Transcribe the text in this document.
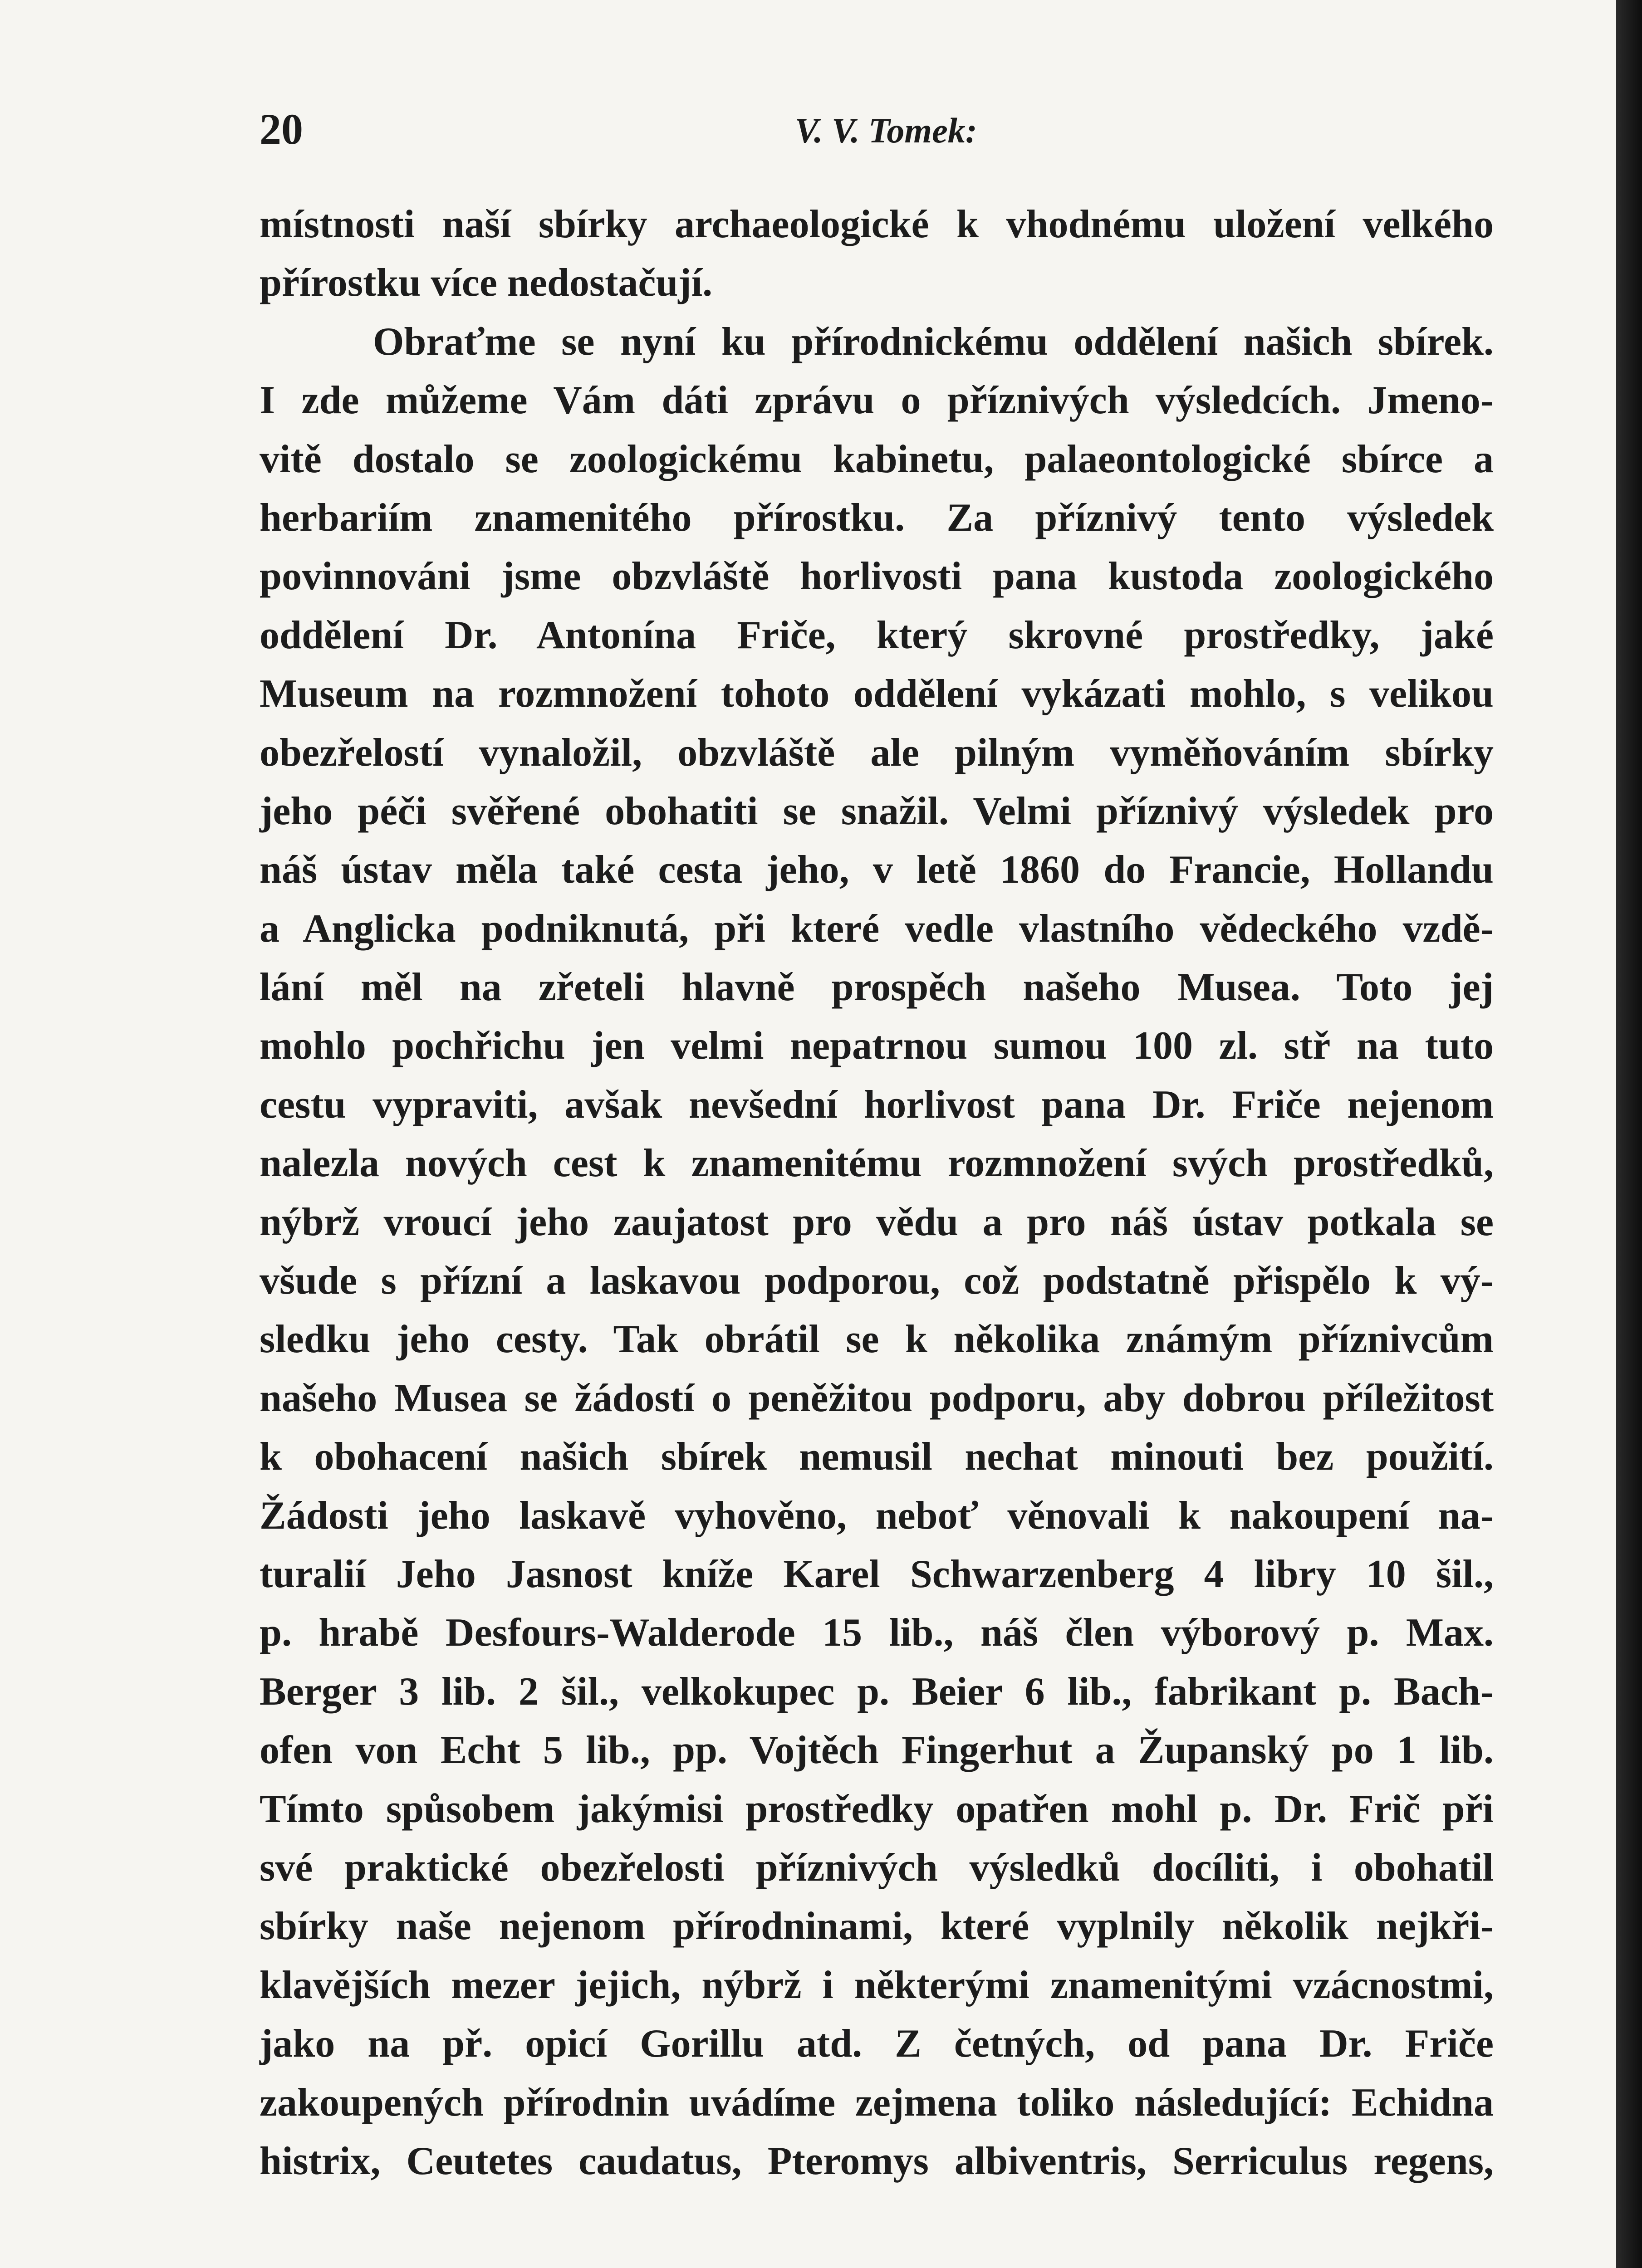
20	V. V. Tomek:
místnosti naší sbírky archaeologické k vhodnému uložení velkého
přírostku více nedostačují.
Obraťme se nyní ku přírodnickému oddělení našich sbírek.
I zde můžeme Vám dáti zprávu o příznivých výsledcích. Jmeno-
vitě dostalo se zoologickému kabinetu, palaeontologické sbírce a
herbariím znamenitého přírostku. Za příznivý tento výsledek
povinnováni jsme obzvláště horlivosti pana kustoda zoologického
oddělení Dr. Antonína Friče, který skrovné prostředky, jaké
Museum na rozmnožení tohoto oddělení vykázati mohlo, s velikou
obezřelostí vynaložil, obzvláště ale pilným vyměňováním sbírky
jeho péči svěřené obohatiti se snažil. Velmi příznivý výsledek pro
náš ústav měla také cesta jeho, v letě 1860 do Francie, Hollandu
a Anglicka podniknutá, při které vedle vlastního vědeckého vzdě-
lání měl na zřeteli hlavně prospěch našeho Musea. Toto jej
mohlo pochřichu jen velmi nepatrnou sumou 100 zl. stř na tuto
cestu vypraviti, avšak nevšední horlivost pana Dr. Friče nejenom
nalezla nových cest k znamenitému rozmnožení svých prostředků,
nýbrž vroucí jeho zaujatost pro vědu a pro náš ústav potkala se
všude s přízní a laskavou podporou, což podstatně přispělo k vý-
sledku jeho cesty. Tak obrátil se k několika známým příznivcům
našeho Musea se žádostí o peněžitou podporu, aby dobrou příležitost
k obohacení našich sbírek nemusil nechat minouti bez použití.
Žádosti jeho laskavě vyhověno, neboť věnovali k nakoupení na-
turalií Jeho Jasnost kníže Karel Schwarzenberg 4 libry 10 šil.,
p. hrabě Desfours-Walderode 15 lib., náš člen výborový p. Max.
Berger 3 lib. 2 šil., velkokupec p. Beier 6 lib., fabrikant p. Bach-
ofen von Echt 5 lib., pp. Vojtěch Fingerhut a Županský po 1 lib.
Tímto spůsobem jakýmisi prostředky opatřen mohl p. Dr. Frič při
své praktické obezřelosti příznivých výsledků docíliti, i obohatil
sbírky naše nejenom přírodninami, které vyplnily několik nejkři-
klavějších mezer jejich, nýbrž i některými znamenitými vzácnostmi,
jako na př. opicí Gorillu atd. Z četných, od pana Dr. Friče
zakoupených přírodnin uvádíme zejmena toliko následující: Echidna
histrix, Ceutetes caudatus, Pteromys albiventris, Serriculus regens,
